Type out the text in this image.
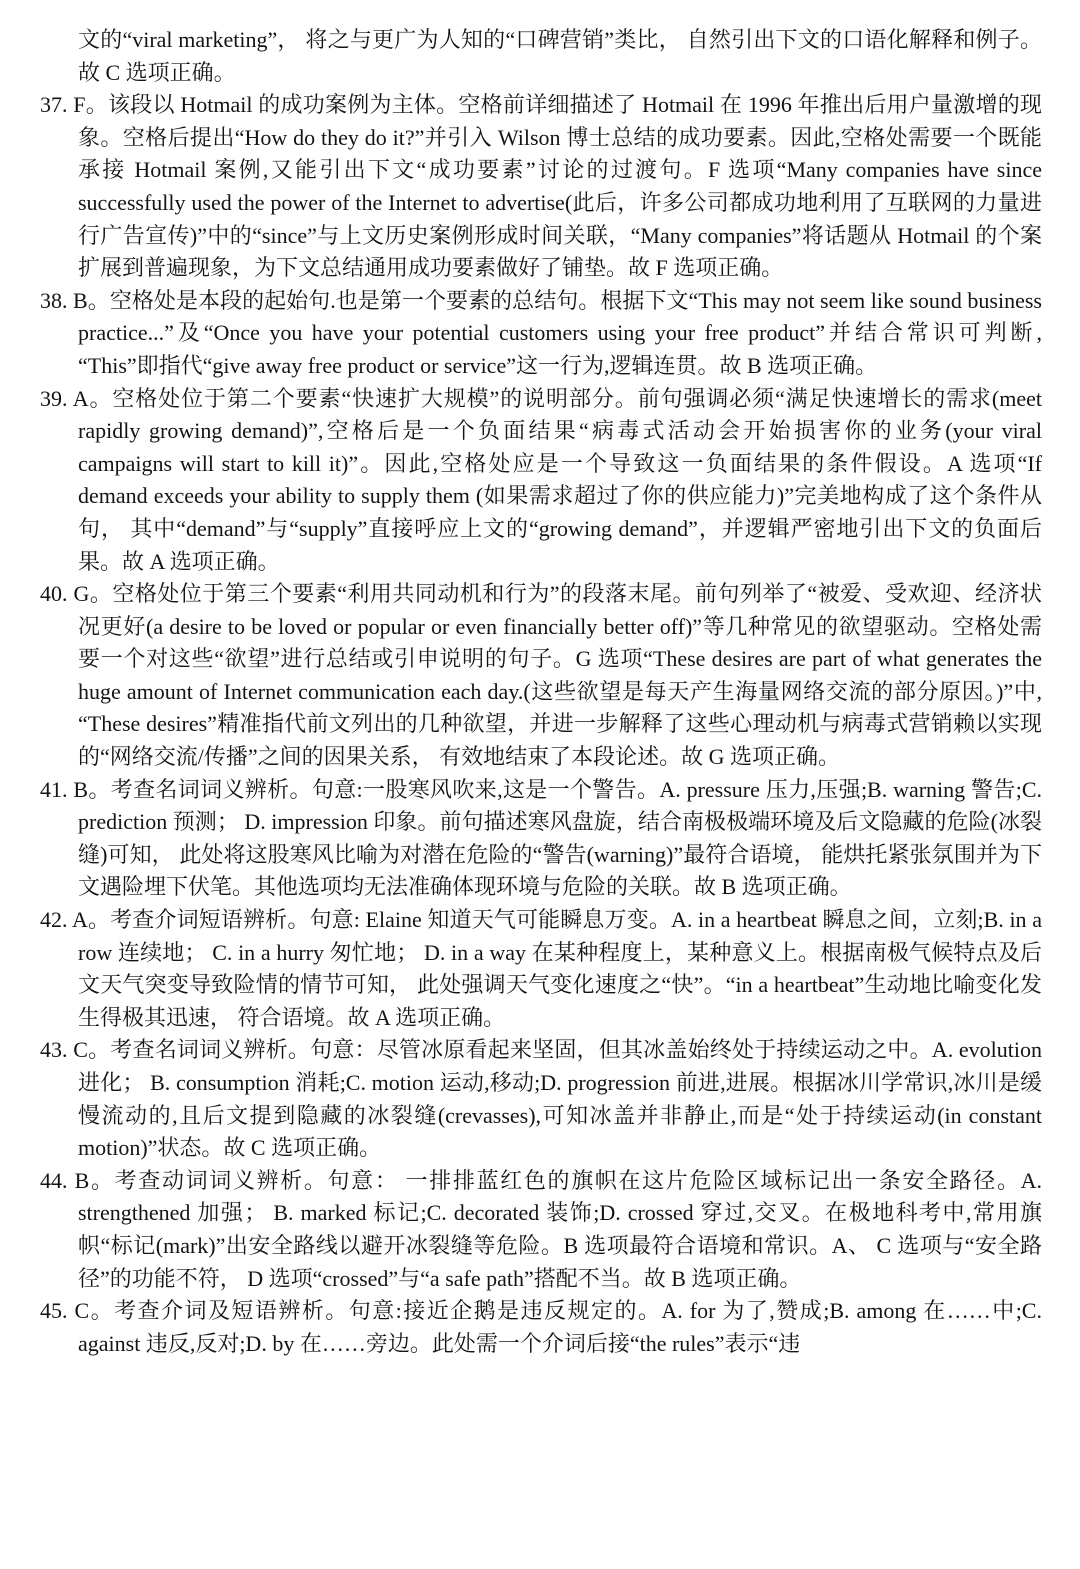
文的“viral marketing”， 将之与更广为人知的“口碑营销”类比， 自然引出下文的口语化解释和例子。故 C 选项正确。

37. F。该段以 Hotmail 的成功案例为主体。空格前详细描述了 Hotmail 在 1996 年推出后用户量激增的现象。空格后提出“How do they do it?”并引入 Wilson 博士总结的成功要素。因此,空格处需要一个既能承接 Hotmail 案例,又能引出下文“成功要素”讨论的过渡句。F 选项“Many companies have since successfully used the power of the Internet to advertise(此后，许多公司都成功地利用了互联网的力量进行广告宣传)”中的“since”与上文历史案例形成时间关联，“Many companies”将话题从 Hotmail 的个案扩展到普遍现象，为下文总结通用成功要素做好了铺垫。故 F 选项正确。

38. B。空格处是本段的起始句.也是第一个要素的总结句。根据下文“This may not seem like sound business practice...”及“Once you have your potential customers using your free product”并结合常识可判断, “This”即指代“give away free product or service”这一行为,逻辑连贯。故 B 选项正确。

39. A。空格处位于第二个要素“快速扩大规模”的说明部分。前句强调必须“满足快速增长的需求(meet rapidly growing demand)”,空格后是一个负面结果“病毒式活动会开始损害你的业务(your viral campaigns will start to kill it)”。因此,空格处应是一个导致这一负面结果的条件假设。A 选项“If demand exceeds your ability to supply them (如果需求超过了你的供应能力)”完美地构成了这个条件从句， 其中“demand”与“supply”直接呼应上文的“growing demand”，并逻辑严密地引出下文的负面后果。故 A 选项正确。

40. G。空格处位于第三个要素“利用共同动机和行为”的段落末尾。前句列举了“被爱、受欢迎、经济状况更好(a desire to be loved or popular or even financially better off)”等几种常见的欲望驱动。空格处需要一个对这些“欲望”进行总结或引申说明的句子。G 选项“These desires are part of what generates the huge amount of Internet communication each day.(这些欲望是每天产生海量网络交流的部分原因。)”中, “These desires”精准指代前文列出的几种欲望，并进一步解释了这些心理动机与病毒式营销赖以实现的“网络交流/传播”之间的因果关系， 有效地结束了本段论述。故 G 选项正确。

41. B。考查名词词义辨析。句意:一股寒风吹来,这是一个警告。A. pressure 压力,压强;B. warning 警告;C. prediction 预测； D. impression 印象。前句描述寒风盘旋，结合南极极端环境及后文隐藏的危险(冰裂缝)可知， 此处将这股寒风比喻为对潜在危险的“警告(warning)”最符合语境， 能烘托紧张氛围并为下文遇险埋下伏笔。其他选项均无法准确体现环境与危险的关联。故 B 选项正确。

42. A。考查介词短语辨析。句意: Elaine 知道天气可能瞬息万变。A. in a heartbeat 瞬息之间，立刻;B. in a row 连续地； C. in a hurry 匆忙地； D. in a way 在某种程度上，某种意义上。根据南极气候特点及后文天气突变导致险情的情节可知， 此处强调天气变化速度之“快”。“in a heartbeat”生动地比喻变化发生得极其迅速， 符合语境。故 A 选项正确。

43. C。考查名词词义辨析。句意：尽管冰原看起来坚固，但其冰盖始终处于持续运动之中。A. evolution 进化； B. consumption 消耗;C. motion 运动,移动;D. progression 前进,进展。根据冰川学常识,冰川是缓慢流动的,且后文提到隐藏的冰裂缝(crevasses),可知冰盖并非静止,而是“处于持续运动(in constant motion)”状态。故 C 选项正确。

44. B。考查动词词义辨析。句意： 一排排蓝红色的旗帜在这片危险区域标记出一条安全路径。A. strengthened 加强； B. marked 标记;C. decorated 装饰;D. crossed 穿过,交叉。在极地科考中,常用旗帜“标记(mark)”出安全路线以避开冰裂缝等危险。B 选项最符合语境和常识。A、 C 选项与“安全路径”的功能不符， D 选项“crossed”与“a safe path”搭配不当。故 B 选项正确。

45. C。考查介词及短语辨析。句意:接近企鹅是违反规定的。A. for 为了,赞成;B. among 在……中;C. against 违反,反对;D. by 在……旁边。此处需一个介词后接“the rules”表示“违
